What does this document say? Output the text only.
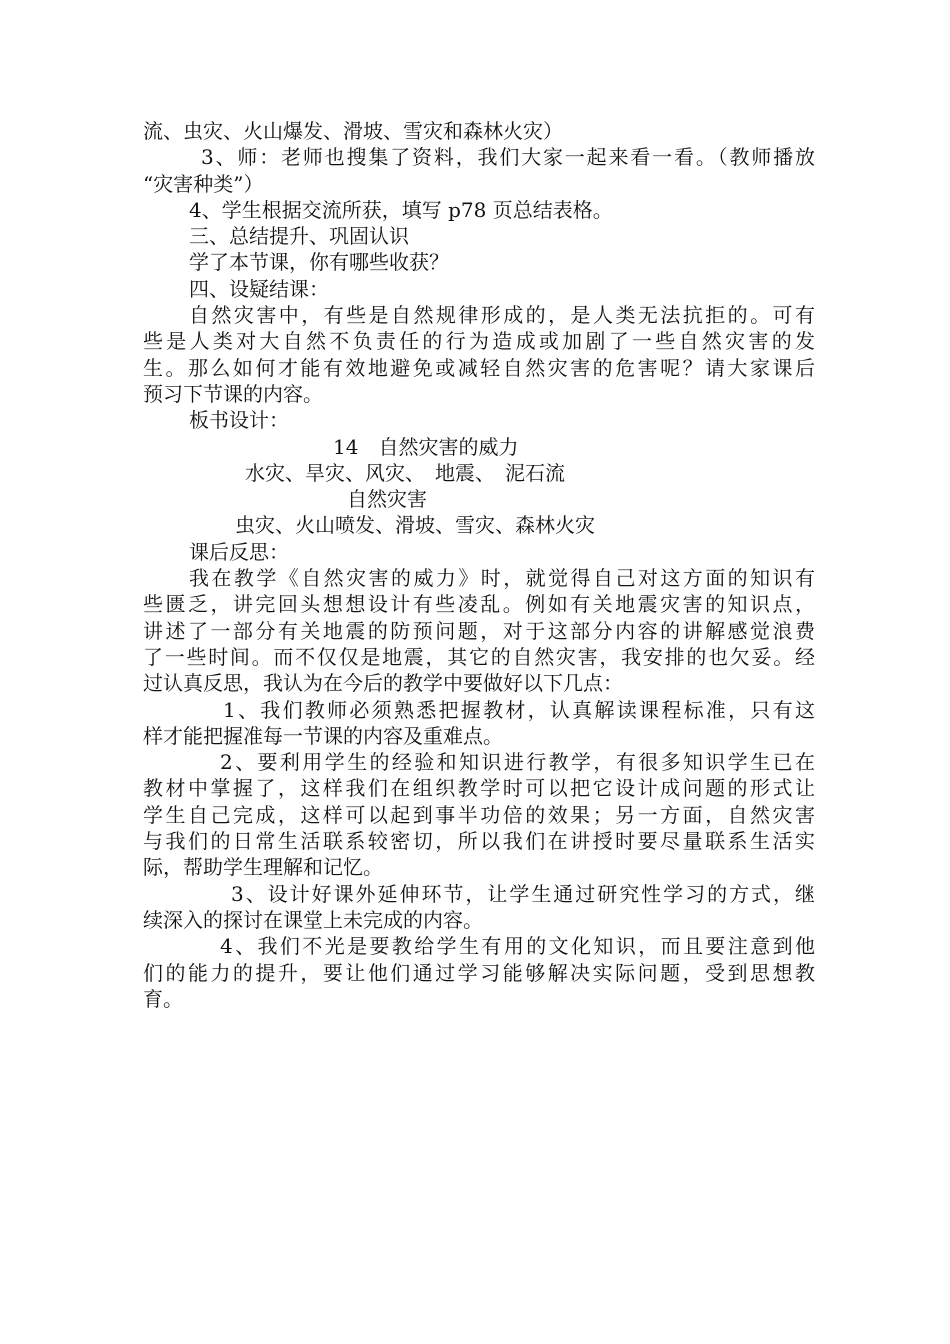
流、虫灾、火山爆发、滑坡、雪灾和森林火灾）
3、师：老师也搜集了资料，我们大家一起来看一看。（教师播放
“灾害种类”）
4、学生根据交流所获，填写 p78 页总结表格。
三、总结提升、巩固认识
学了本节课，你有哪些收获？
四、设疑结课：
自然灾害中，有些是自然规律形成的，是人类无法抗拒的。可有
些是人类对大自然不负责任的行为造成或加剧了一些自然灾害的发
生。那么如何才能有效地避免或减轻自然灾害的危害呢？请大家课后
预习下节课的内容。
板书设计：
14　自然灾害的威力
水灾、旱灾、风灾、　地震、　泥石流
自然灾害
虫灾、火山喷发、滑坡、雪灾、森林火灾
课后反思：
我在教学《自然灾害的威力》时，就觉得自己对这方面的知识有
些匮乏，讲完回头想想设计有些凌乱。例如有关地震灾害的知识点，
讲述了一部分有关地震的防预问题，对于这部分内容的讲解感觉浪费
了一些时间。而不仅仅是地震，其它的自然灾害，我安排的也欠妥。经
过认真反思，我认为在今后的教学中要做好以下几点：
1、我们教师必须熟悉把握教材，认真解读课程标准，只有这
样才能把握准每一节课的内容及重难点。
2、要利用学生的经验和知识进行教学，有很多知识学生已在
教材中掌握了，这样我们在组织教学时可以把它设计成问题的形式让
学生自己完成，这样可以起到事半功倍的效果；另一方面，自然灾害
与我们的日常生活联系较密切，所以我们在讲授时要尽量联系生活实
际，帮助学生理解和记忆。
3、设计好课外延伸环节，让学生通过研究性学习的方式，继
续深入的探讨在课堂上未完成的内容。
4、我们不光是要教给学生有用的文化知识，而且要注意到他
们的能力的提升，要让他们通过学习能够解决实际问题，受到思想教
育。
